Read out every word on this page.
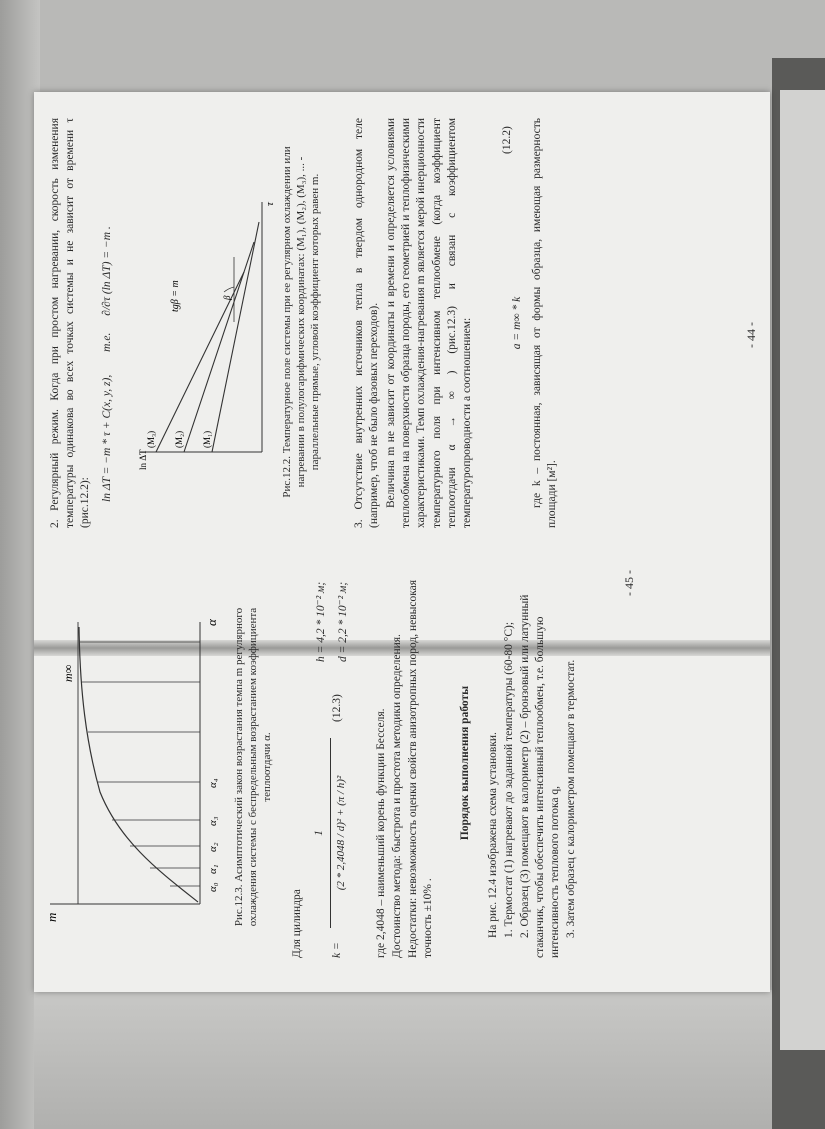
2. Регулярный режим. Когда при простом нагревании, скорость изменения температуры одинакова во всех точках системы и не зависит от времени τ (рис.12.2):

ln ΔT = −m * τ + C(x, y, z), т.е. ∂/∂τ (ln ΔT) = −m .
ln ΔT
τ
(M₃) (M₂) (M₁)
β
tgβ = m	Рис.12.2. Температурное поле системы при ее регулярном охлаждении или нагревании в полулогарифмических координатах: (M₁), (M₂), (M₃), ... - параллельные прямые, угловой коэффициент которых равен m.	3. Отсутствие внутренних источников тепла в твердом однородном теле (например, чтоб не было фазовых переходов). Величина m не зависит от координаты и времени и определяется условиями теплообмена на поверхности образца породы, его геометрией и теплофизическими характеристиками. Темп охлаждения-нагревания m является мерой инерционности температурного поля при интенсивном теплообмене (когда коэффициент теплоотдачи α → ∞ ) (рис.12.3) и связан с коэффициентом температуропроводности a соотношением:	a = m∞ * k
(12.2) где k – постоянная, зависящая от формы образца, имеющая размерность площади [м²].

- 44 -
m
α
m∞
α₀
α₁
α₂
α₃
α₄ Рис.12.3. Асимптотический закон возрастания темпа m регулярного охлаждения системы с беспредельным возрастанием коэффициента теплоотдачи α.

Для цилиндра k =
1 (2 * 2,4048 / d)² + (π / h)²
(12.3)
h = 4,2 * 10⁻² м; d = 2,2 * 10⁻² м;

где 2,4048 – наименьший корень функции Бесселя. Достоинство метода: быстрота и простота методики определения. Недостатки: невозможность оценки свойств анизотропных пород, невысокая точность ±10% .

Порядок выполнения работы На рис. 12.4 изображена схема установки. 1. Термостат (1) нагревают до заданной температуры (60-80 °С); 2. Образец (3) помещают в калориметр (2) – бронзовый или латунный стаканчик, чтобы обеспечить интенсивный теплообмен, т.е. большую интенсивность теплового потока q, 3. Затем образец с калориметром помещают в термостат.

- 45 -
